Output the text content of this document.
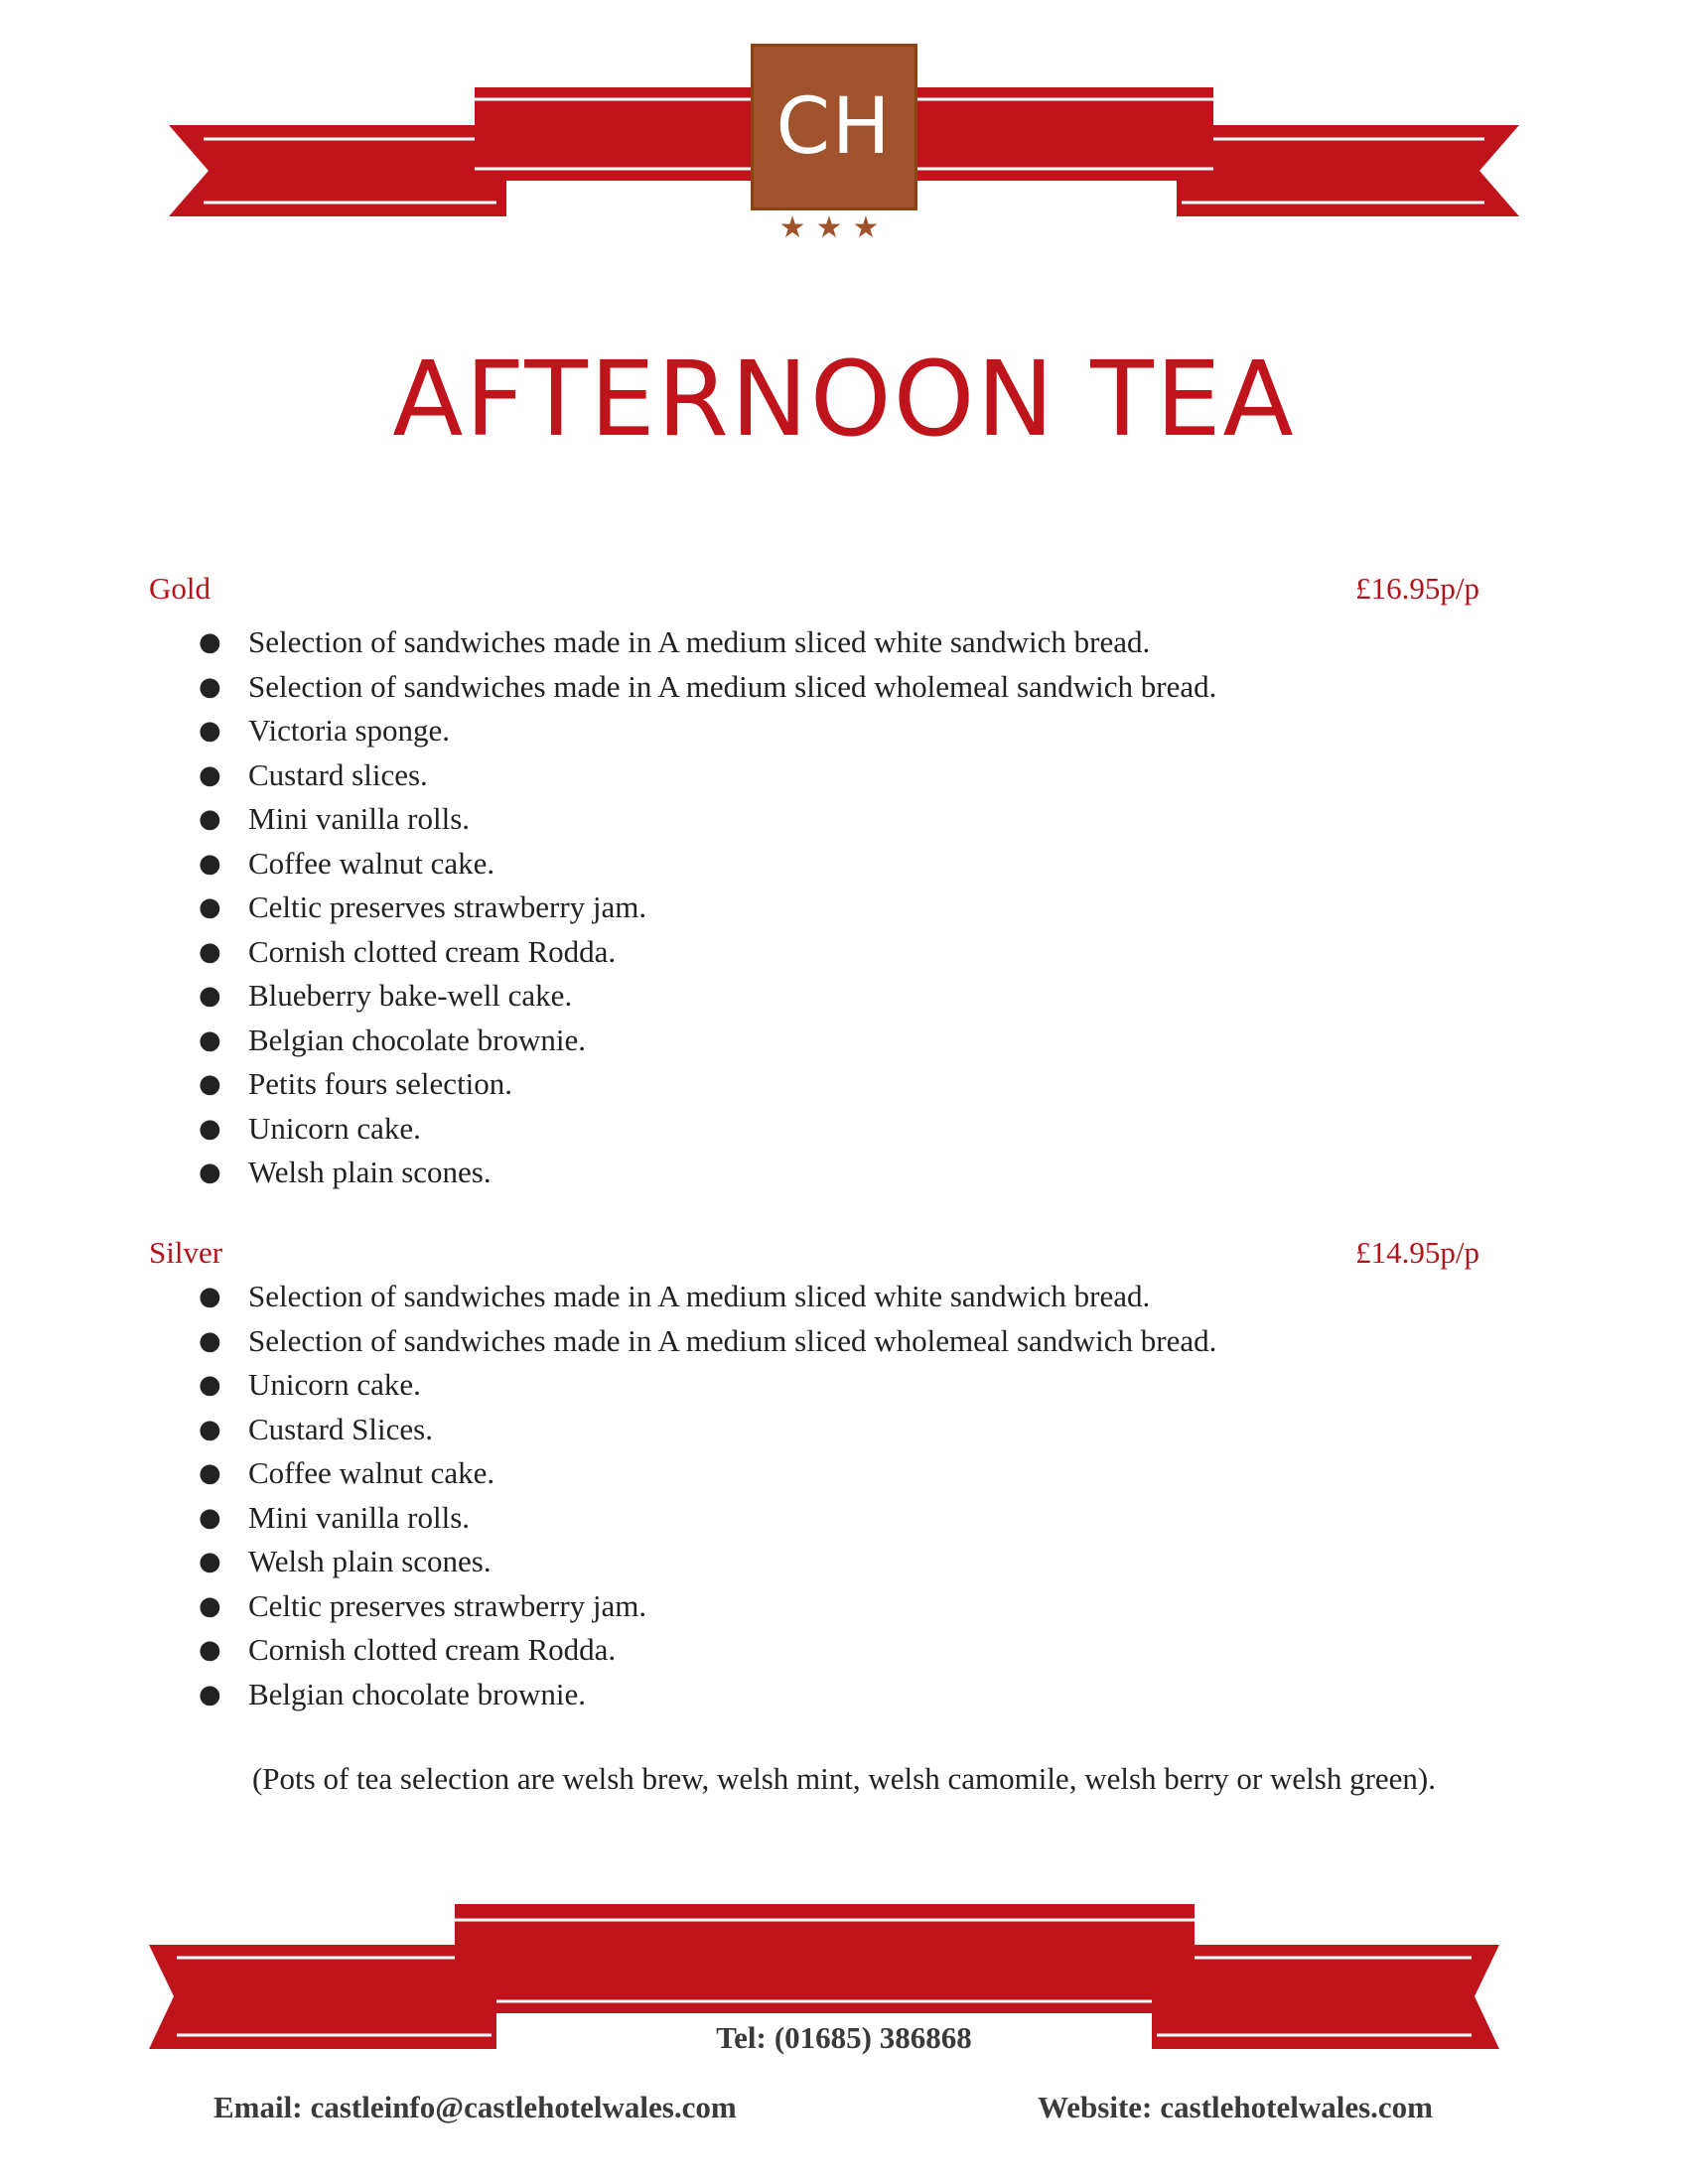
CH
★★★
AFTERNOON TEA
Gold	£16.95p/p
● Selection of sandwiches made in A medium sliced white sandwich bread.
● Selection of sandwiches made in A medium sliced wholemeal sandwich bread.
● Victoria sponge.
● Custard slices.
● Mini vanilla rolls.
● Coffee walnut cake.
● Celtic preserves strawberry jam.
● Cornish clotted cream Rodda.
● Blueberry bake-well cake.
● Belgian chocolate brownie.
● Petits fours selection.
● Unicorn cake.
● Welsh plain scones.
Silver	£14.95p/p
● Selection of sandwiches made in A medium sliced white sandwich bread.
● Selection of sandwiches made in A medium sliced wholemeal sandwich bread.
● Unicorn cake.
● Custard Slices.
● Coffee walnut cake.
● Mini vanilla rolls.
● Welsh plain scones.
● Celtic preserves strawberry jam.
● Cornish clotted cream Rodda.
● Belgian chocolate brownie.
(Pots of tea selection are welsh brew, welsh mint, welsh camomile, welsh berry or welsh green).
Tel: (01685) 386868
Email: castleinfo@castlehotelwales.com	Website: castlehotelwales.com
